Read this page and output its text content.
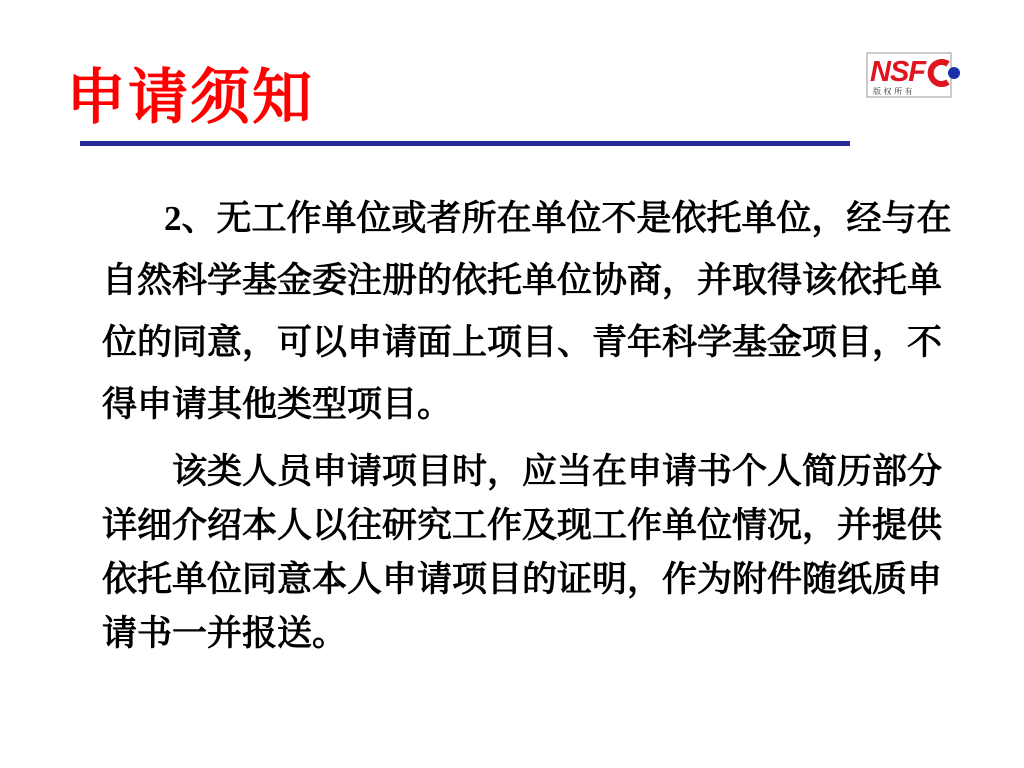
申请须知	NSF
版 权 所 有

2、无工作单位或者所在单位不是依托单位，经与在自然科学基金委注册的依托单位协商，并取得该依托单位的同意，可以申请面上项目、青年科学基金项目，不得申请其他类型项目。

该类人员申请项目时，应当在申请书个人简历部分详细介绍本人以往研究工作及现工作单位情况，并提供依托单位同意本人申请项目的证明，作为附件随纸质申请书一并报送。
